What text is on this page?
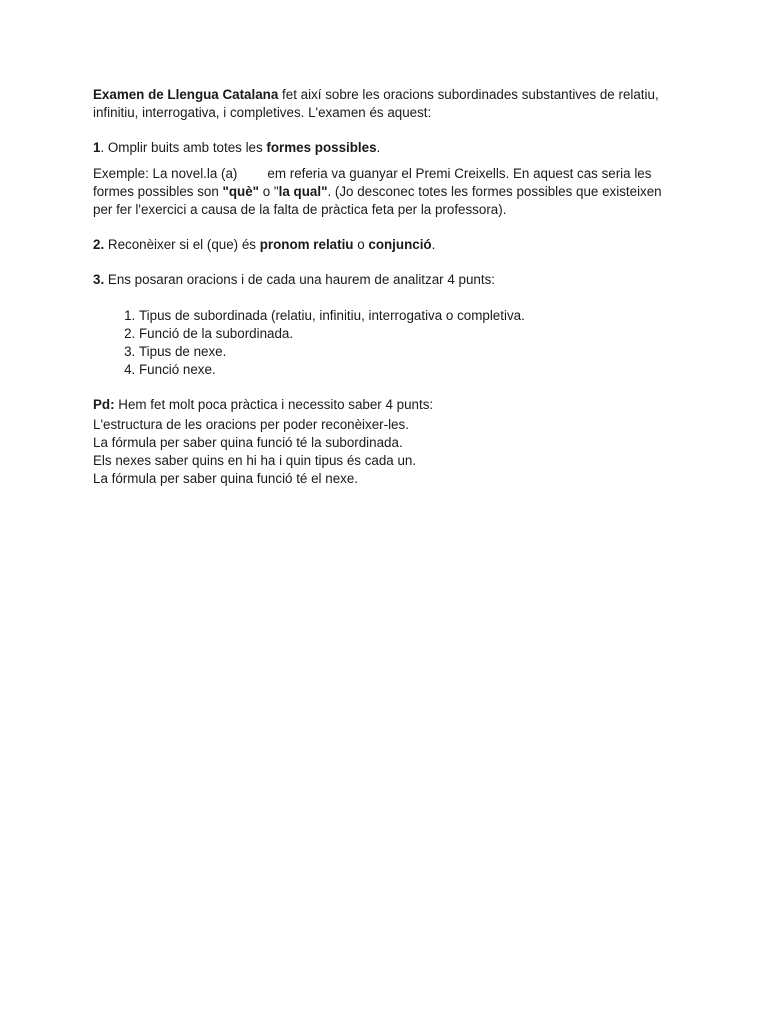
Examen de Llengua Catalana fet així sobre les oracions subordinades substantives de relatiu, infinitiu, interrogativa, i completives. L'examen és aquest:

1. Omplir buits amb totes les formes possibles.

Exemple: La novel.la (a) em referia va guanyar el Premi Creixells. En aquest cas seria les formes possibles son "què" o "la qual". (Jo desconec totes les formes possibles que existeixen per fer l'exercici a causa de la falta de pràctica feta per la professora).

2. Reconèixer si el (que) és pronom relatiu o conjunció.

3. Ens posaran oracions i de cada una haurem de analitzar 4 punts:

1. Tipus de subordinada (relatiu, infinitiu, interrogativa o completiva.
2. Funció de la subordinada.
3. Tipus de nexe.
4. Funció nexe.

Pd: Hem fet molt poca pràctica i necessito saber 4 punts:

L'estructura de les oracions per poder reconèixer-les.

La fórmula per saber quina funció té la subordinada.

Els nexes saber quins en hi ha i quin tipus és cada un.

La fórmula per saber quina funció té el nexe.
